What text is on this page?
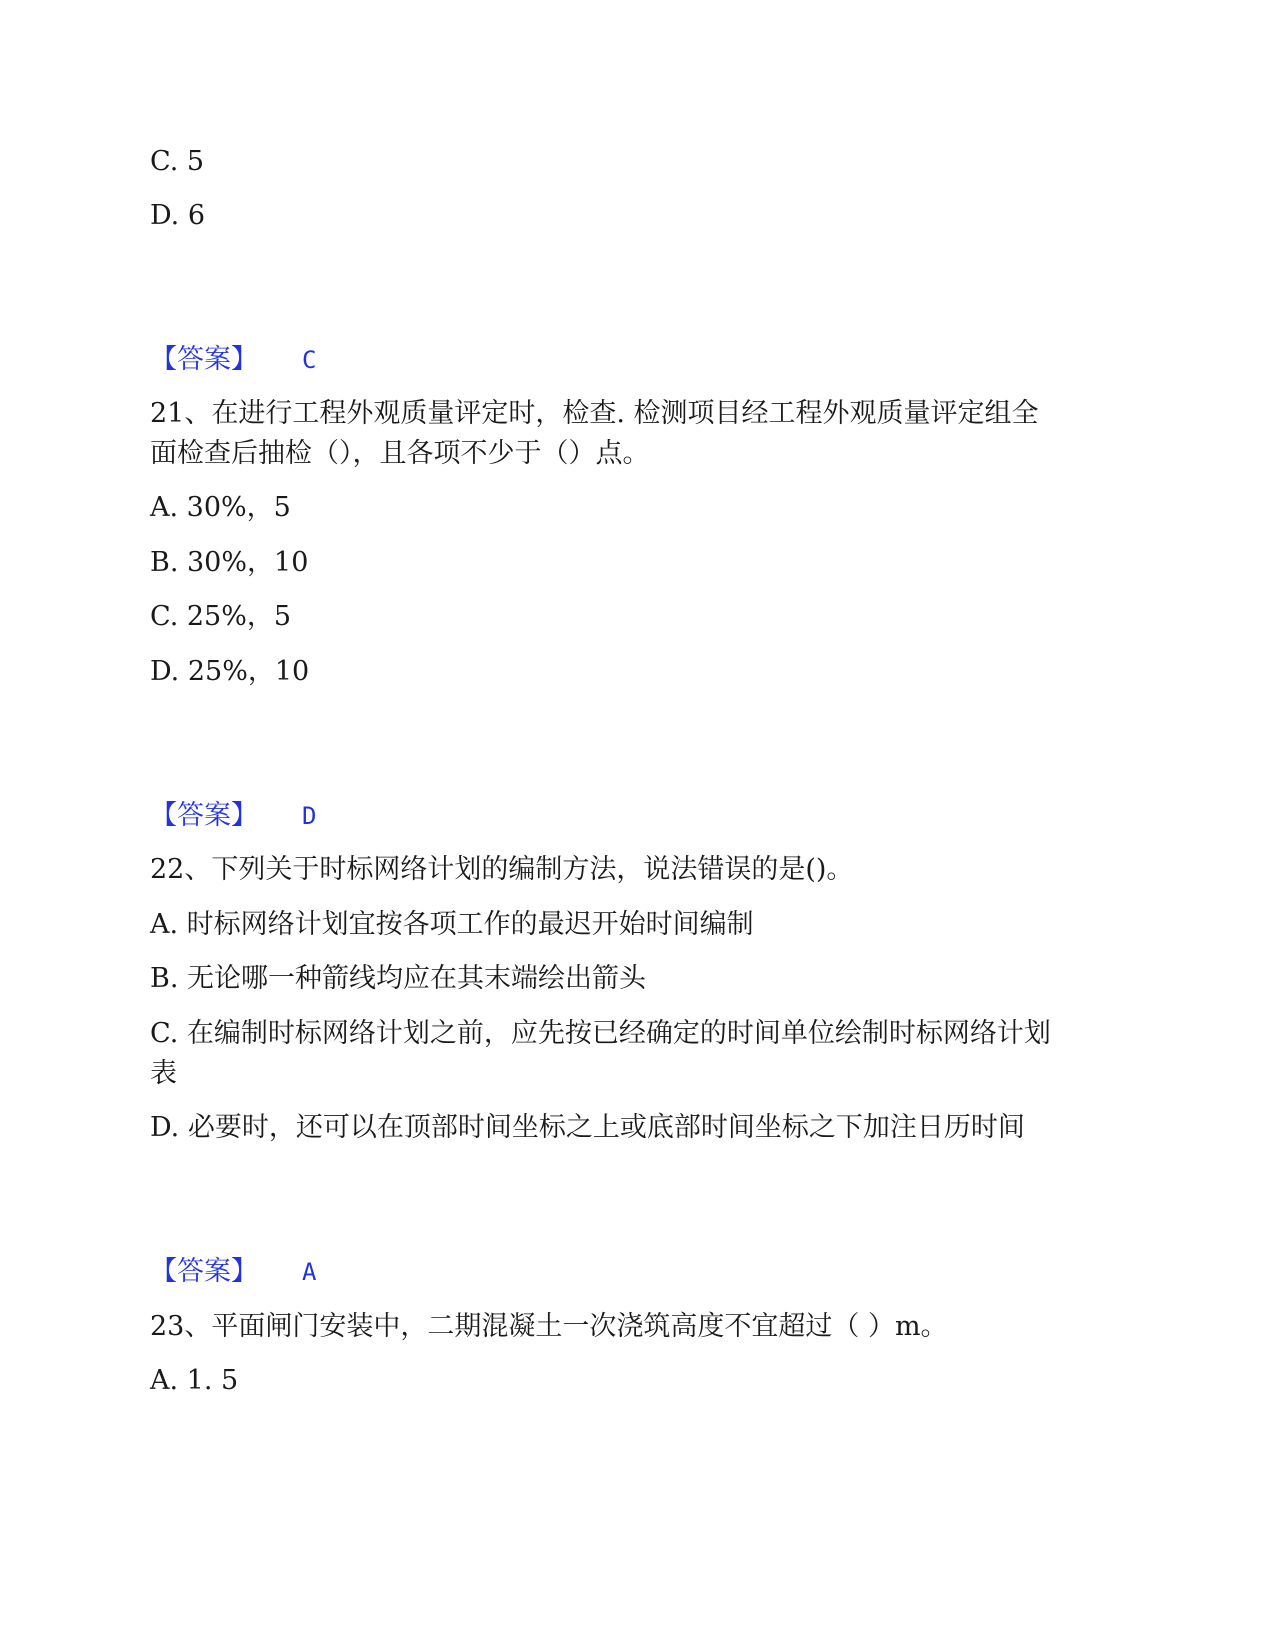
C. 5
D. 6
【答案】 C
21、在进行工程外观质量评定时，检查. 检测项目经工程外观质量评定组全
面检查后抽检（），且各项不少于（）点。
A. 30%，5
B. 30%，10
C. 25%，5
D. 25%，10
【答案】 D
22、下列关于时标网络计划的编制方法，说法错误的是()。
A. 时标网络计划宜按各项工作的最迟开始时间编制
B. 无论哪一种箭线均应在其末端绘出箭头
C. 在编制时标网络计划之前，应先按已经确定的时间单位绘制时标网络计划
表
D. 必要时，还可以在顶部时间坐标之上或底部时间坐标之下加注日历时间
【答案】 A
23、平面闸门安装中，二期混凝土一次浇筑高度不宜超过（ ）m。
A. 1. 5
